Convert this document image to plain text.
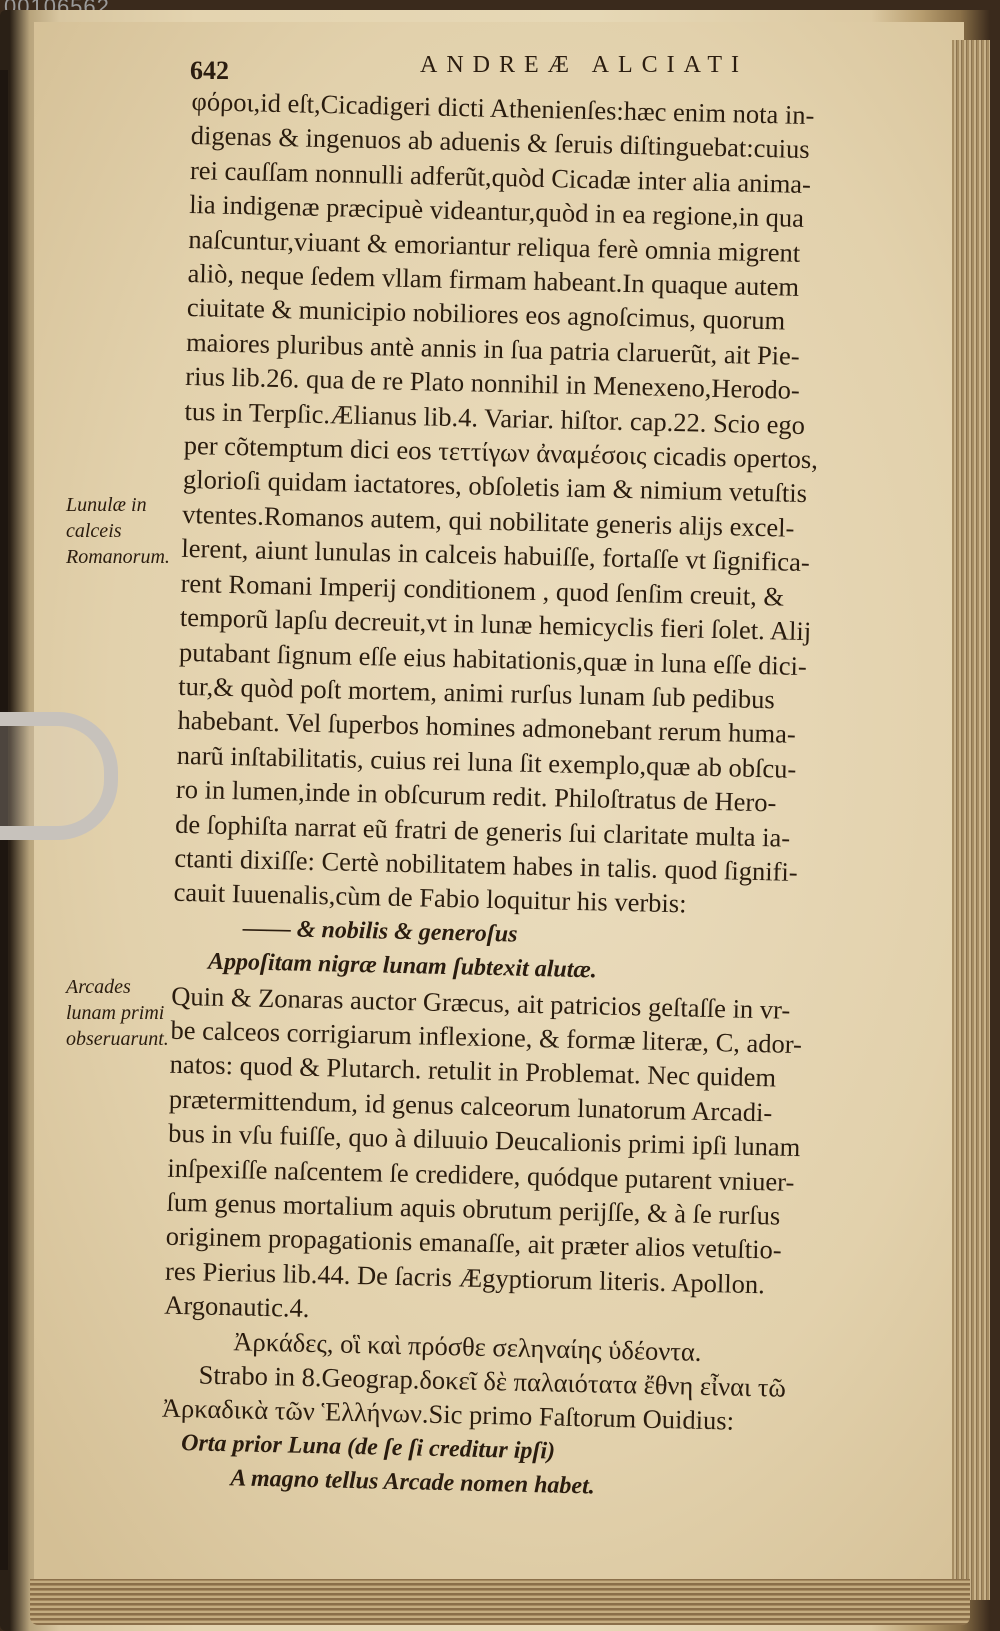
642	ANDREÆ ALCIATI
Lunulæ in calceis Romanorum.
Arcades lunam primi obseruarunt.
φόροι,id eſt,Cicadigeri dicti Athenienſes:hæc enim nota in-
digenas & ingenuos ab aduenis & ſeruis diſtinguebat:cuius
rei cauſſam nonnulli adferũt,quòd Cicadæ inter alia anima-
lia indigenæ præcipuè videantur,quòd in ea regione,in qua
naſcuntur,viuant & emoriantur reliqua ferè omnia migrent
aliò, neque ſedem vllam firmam habeant.In quaque autem
ciuitate & municipio nobiliores eos agnoſcimus, quorum
maiores pluribus antè annis in ſua patria claruerũt, ait Pie-
rius lib.26. qua de re Plato nonnihil in Menexeno,Herodo-
tus in Terpſic.Ælianus lib.4. Variar. hiſtor. cap.22. Scio ego
per cõtemptum dici eos τεττίγων ἀναμέσοις cicadis opertos,
glorioſi quidam iactatores, obſoletis iam & nimium vetuſtis
vtentes.Romanos autem, qui nobilitate generis alijs excel-
lerent, aiunt lunulas in calceis habuiſſe, fortaſſe vt ſignifica-
rent Romani Imperij conditionem , quod ſenſim creuit, &
temporũ lapſu decreuit,vt in lunæ hemicyclis fieri ſolet. Alij
putabant ſignum eſſe eius habitationis,quæ in luna eſſe dici-
tur,& quòd poſt mortem, animi rurſus lunam ſub pedibus
habebant. Vel ſuperbos homines admonebant rerum huma-
narũ inſtabilitatis, cuius rei luna ſit exemplo,quæ ab obſcu-
ro in lumen,inde in obſcurum redit. Philoſtratus de Hero-
de ſophiſta narrat eũ fratri de generis ſui claritate multa ia-
ctanti dixiſſe: Certè nobilitatem habes in talis. quod ſignifi-
cauit Iuuenalis,cùm de Fabio loquitur his verbis:
—— & nobilis & generoſus
Appoſitam nigræ lunam ſubtexit alutæ.
Quin & Zonaras auctor Græcus, ait patricios geſtaſſe in vr-
be calceos corrigiarum inflexione, & formæ literæ, C, ador-
natos: quod & Plutarch. retulit in Problemat. Nec quidem
prætermittendum, id genus calceorum lunatorum Arcadi-
bus in vſu fuiſſe, quo à diluuio Deucalionis primi ipſi lunam
inſpexiſſe naſcentem ſe credidere, quódque putarent vniuer-
ſum genus mortalium aquis obrutum perijſſe, & à ſe rurſus
originem propagationis emanaſſe, ait præter alios vetuſtio-
res Pierius lib.44. De ſacris Ægyptiorum literis. Apollon.
Argonautic.4.
Ἀρκάδες, οἳ καὶ πρόσθε σεληναίης ὑδέοντα.
Strabo in 8.Geograp.δοκεῖ δὲ παλαιότατα ἔθνη εἶναι τῶ
Ἀρκαδικὰ τῶν Ἑλλήνων.Sic primo Faſtorum Ouidius:
Orta prior Luna (de ſe ſi creditur ipſi)
A magno tellus Arcade nomen habet.
